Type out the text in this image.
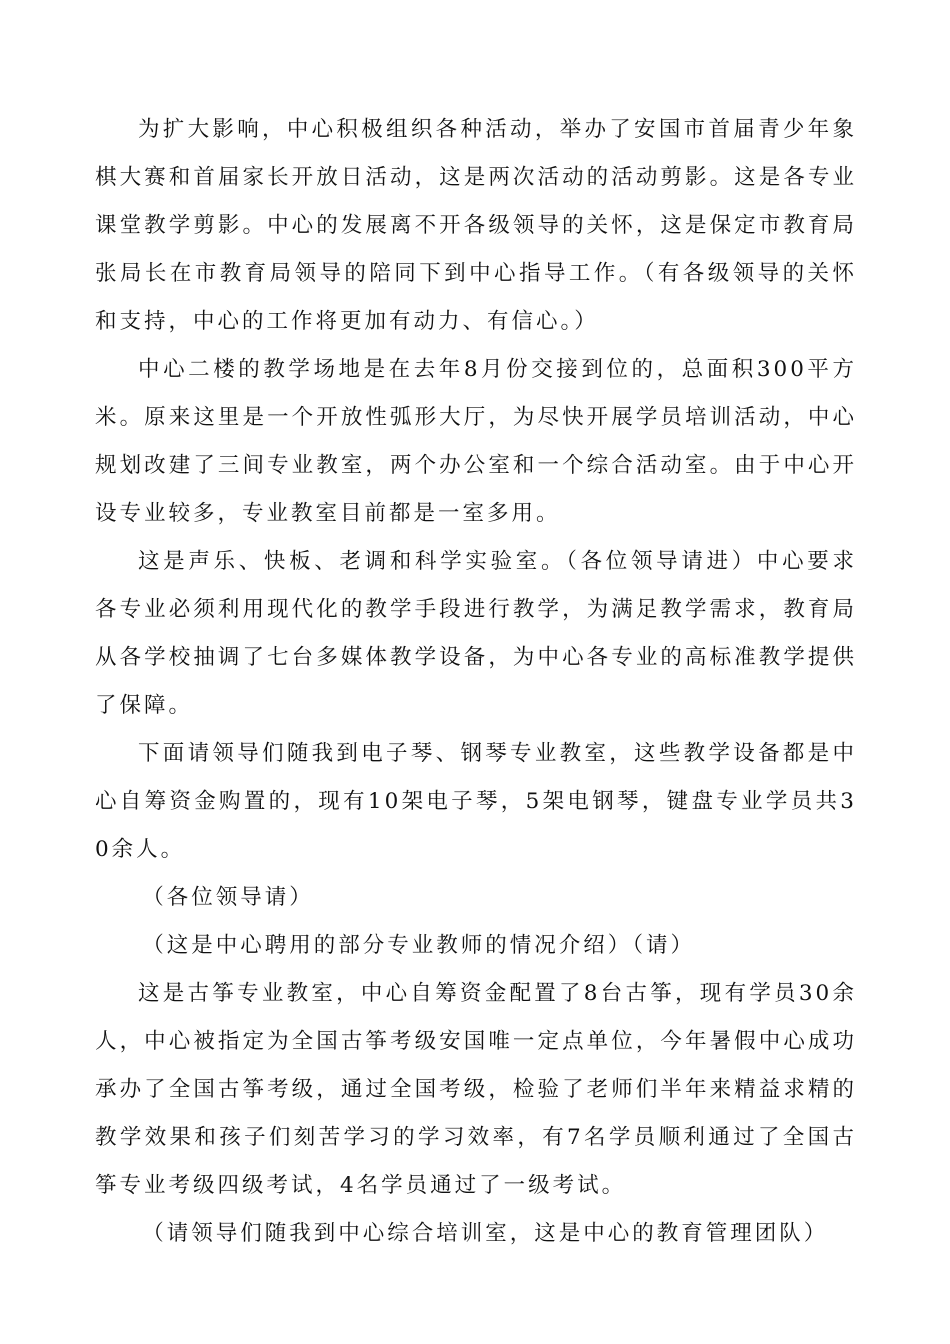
为扩大影响，中心积极组织各种活动，举办了安国市首届青少年象棋大赛和首届家长开放日活动，这是两次活动的活动剪影。这是各专业课堂教学剪影。中心的发展离不开各级领导的关怀，这是保定市教育局张局长在市教育局领导的陪同下到中心指导工作。（有各级领导的关怀和支持，中心的工作将更加有动力、有信心。）

中心二楼的教学场地是在去年8月份交接到位的，总面积300平方米。原来这里是一个开放性弧形大厅，为尽快开展学员培训活动，中心规划改建了三间专业教室，两个办公室和一个综合活动室。由于中心开设专业较多，专业教室目前都是一室多用。

这是声乐、快板、老调和科学实验室。（各位领导请进）中心要求各专业必须利用现代化的教学手段进行教学，为满足教学需求，教育局从各学校抽调了七台多媒体教学设备，为中心各专业的高标准教学提供了保障。

下面请领导们随我到电子琴、钢琴专业教室，这些教学设备都是中心自筹资金购置的，现有10架电子琴，5架电钢琴，键盘专业学员共30余人。

（各位领导请）

（这是中心聘用的部分专业教师的情况介绍）（请）

这是古筝专业教室，中心自筹资金配置了8台古筝，现有学员30余人，中心被指定为全国古筝考级安国唯一定点单位，今年暑假中心成功承办了全国古筝考级，通过全国考级，检验了老师们半年来精益求精的教学效果和孩子们刻苦学习的学习效率，有7名学员顺利通过了全国古筝专业考级四级考试，4名学员通过了一级考试。

（请领导们随我到中心综合培训室，这是中心的教育管理团队）
